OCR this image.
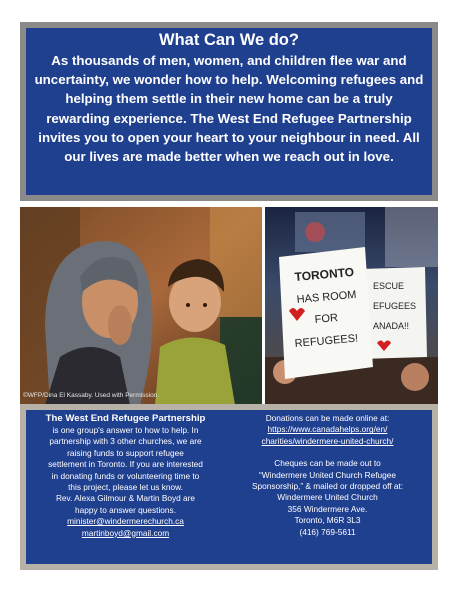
What Can We do?

As thousands of men, women, and children flee war and uncertainty, we wonder how to help. Welcoming refugees and helping them settle in their new home can be a truly rewarding experience. The West End Refugee Partnership invites you to open your heart to your neighbour in need. All our lives are made better when we reach out in love.

©WFP/Dina El Kassaby. Used with Permission.
TORONTO
HAS ROOM
FOR
REFUGEES!
ESCUE
EFUGEES
ANADA!!
The West End Refugee Partnership
is one group's answer to how to help. In
partnership with 3 other churches, we are
raising funds to support refugee
settlement in Toronto. If you are interested
in donating funds or volunteering time to
this project, please let us know.
Rev. Alexa Gilmour & Martin Boyd are
happy to answer questions.
minister@windermerechurch.ca
martinboyd@gmail.com
Donations can be made online at:
https://www.canadahelps.org/en/
charities/windermere-united-church/
Cheques can be made out to
“Windermere United Church Refugee
Sponsorship,” & mailed or dropped off at:
Windermere United Church
356 Windermere Ave.
Toronto, M6R 3L3
(416) 769-5611
